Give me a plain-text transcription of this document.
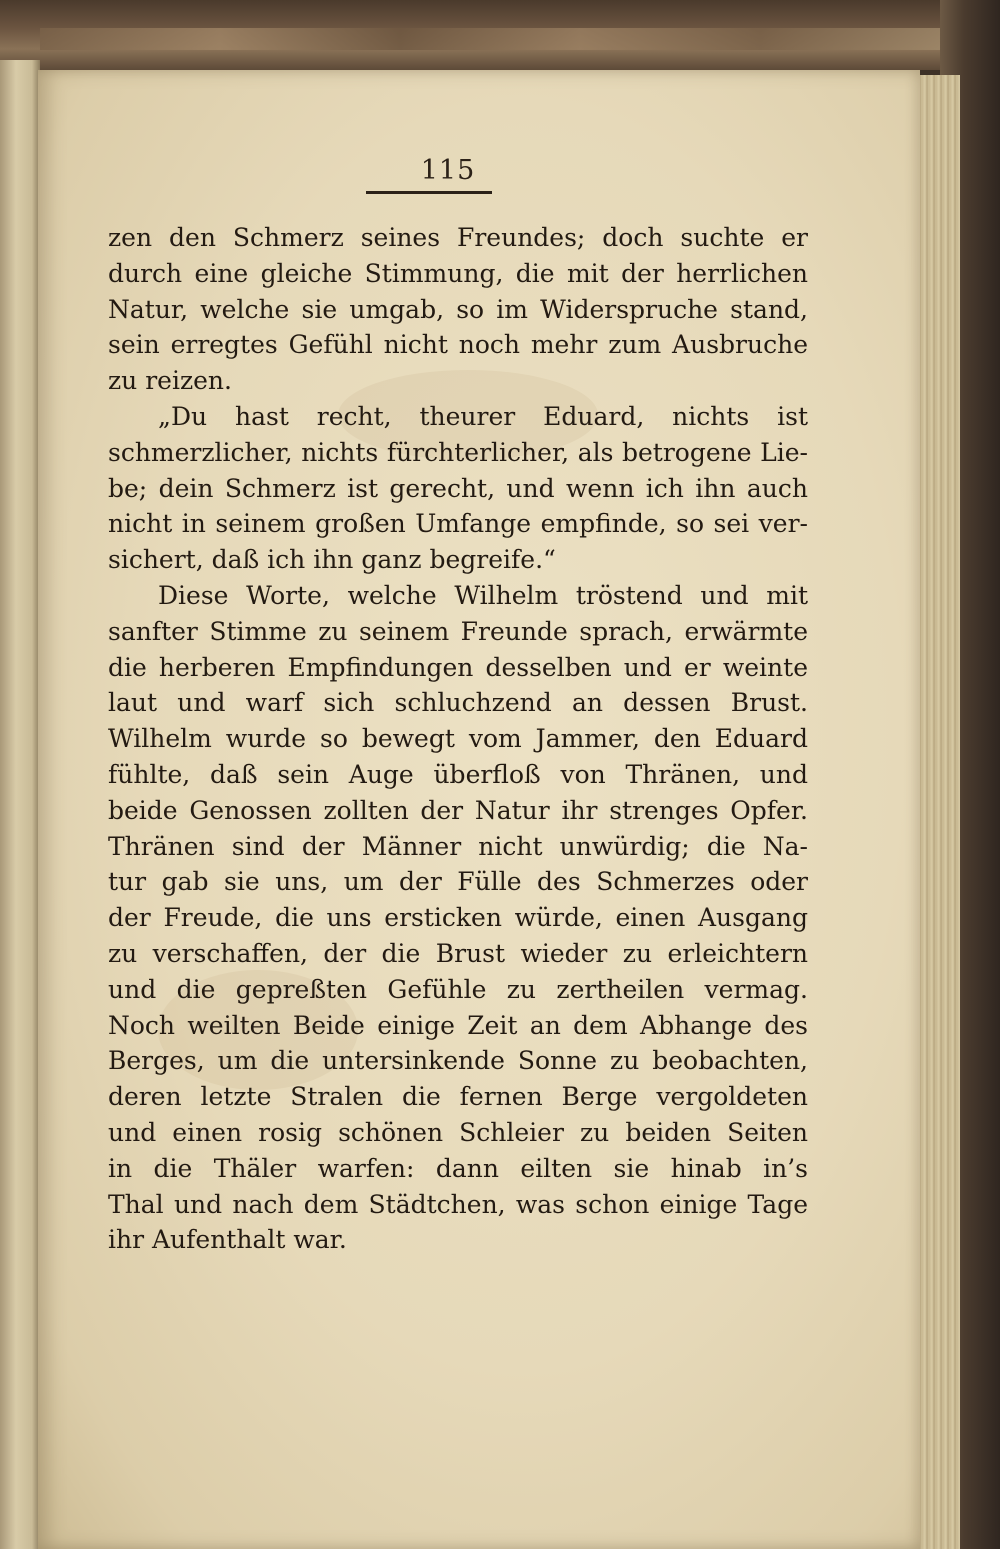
115
zen den Schmerz seines Freundes; doch suchte er
durch eine gleiche Stimmung, die mit der herrlichen
Natur, welche sie umgab, so im Widerspruche stand,
sein erregtes Gefühl nicht noch mehr zum Ausbruche
zu reizen.
„Du hast recht, theurer Eduard, nichts ist
schmerzlicher, nichts fürchterlicher, als betrogene Lie-
be; dein Schmerz ist gerecht, und wenn ich ihn auch
nicht in seinem großen Umfange empfinde, so sei ver-
sichert, daß ich ihn ganz begreife.“
Diese Worte, welche Wilhelm tröstend und mit
sanfter Stimme zu seinem Freunde sprach, erwärmte
die herberen Empfindungen desselben und er weinte
laut und warf sich schluchzend an dessen Brust.
Wilhelm wurde so bewegt vom Jammer, den Eduard
fühlte, daß sein Auge überfloß von Thränen, und
beide Genossen zollten der Natur ihr strenges Opfer.
Thränen sind der Männer nicht unwürdig; die Na-
tur gab sie uns, um der Fülle des Schmerzes oder
der Freude, die uns ersticken würde, einen Ausgang
zu verschaffen, der die Brust wieder zu erleichtern
und die gepreßten Gefühle zu zertheilen vermag.
Noch weilten Beide einige Zeit an dem Abhange des
Berges, um die untersinkende Sonne zu beobachten,
deren letzte Stralen die fernen Berge vergoldeten
und einen rosig schönen Schleier zu beiden Seiten
in die Thäler warfen: dann eilten sie hinab in’s
Thal und nach dem Städtchen, was schon einige Tage
ihr Aufenthalt war.
